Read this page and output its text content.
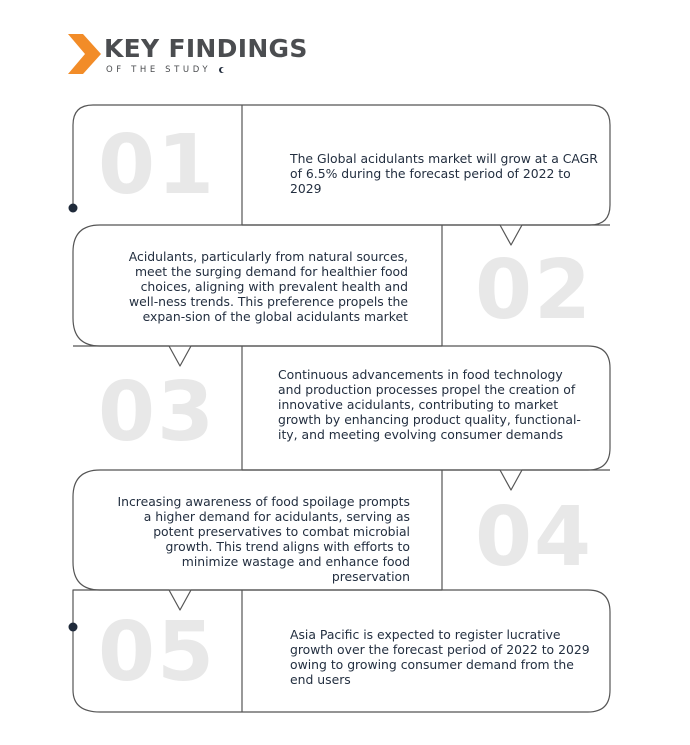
KEY FINDINGS
OF THE STUDY
01	The Global acidulants market will grow at a CAGR of 6.5% during the forecast period of 2022 to 2029
02
Acidulants, particularly from natural sources, meet the surging demand for healthier food choices, aligning with prevalent health and well-ness trends. This preference propels the expan-sion of the global acidulants market
03	Continuous advancements in food technology and production processes propel the creation of innovative acidulants, contributing to market growth by enhancing product quality, functional-ity, and meeting evolving consumer demands
04
Increasing awareness of food spoilage prompts a higher demand for acidulants, serving as potent preservatives to combat microbial growth. This trend aligns with efforts to minimize wastage and enhance food preservation
05	Asia Pacific is expected to register lucrative growth over the forecast period of 2022 to 2029 owing to growing consumer demand from the end users
